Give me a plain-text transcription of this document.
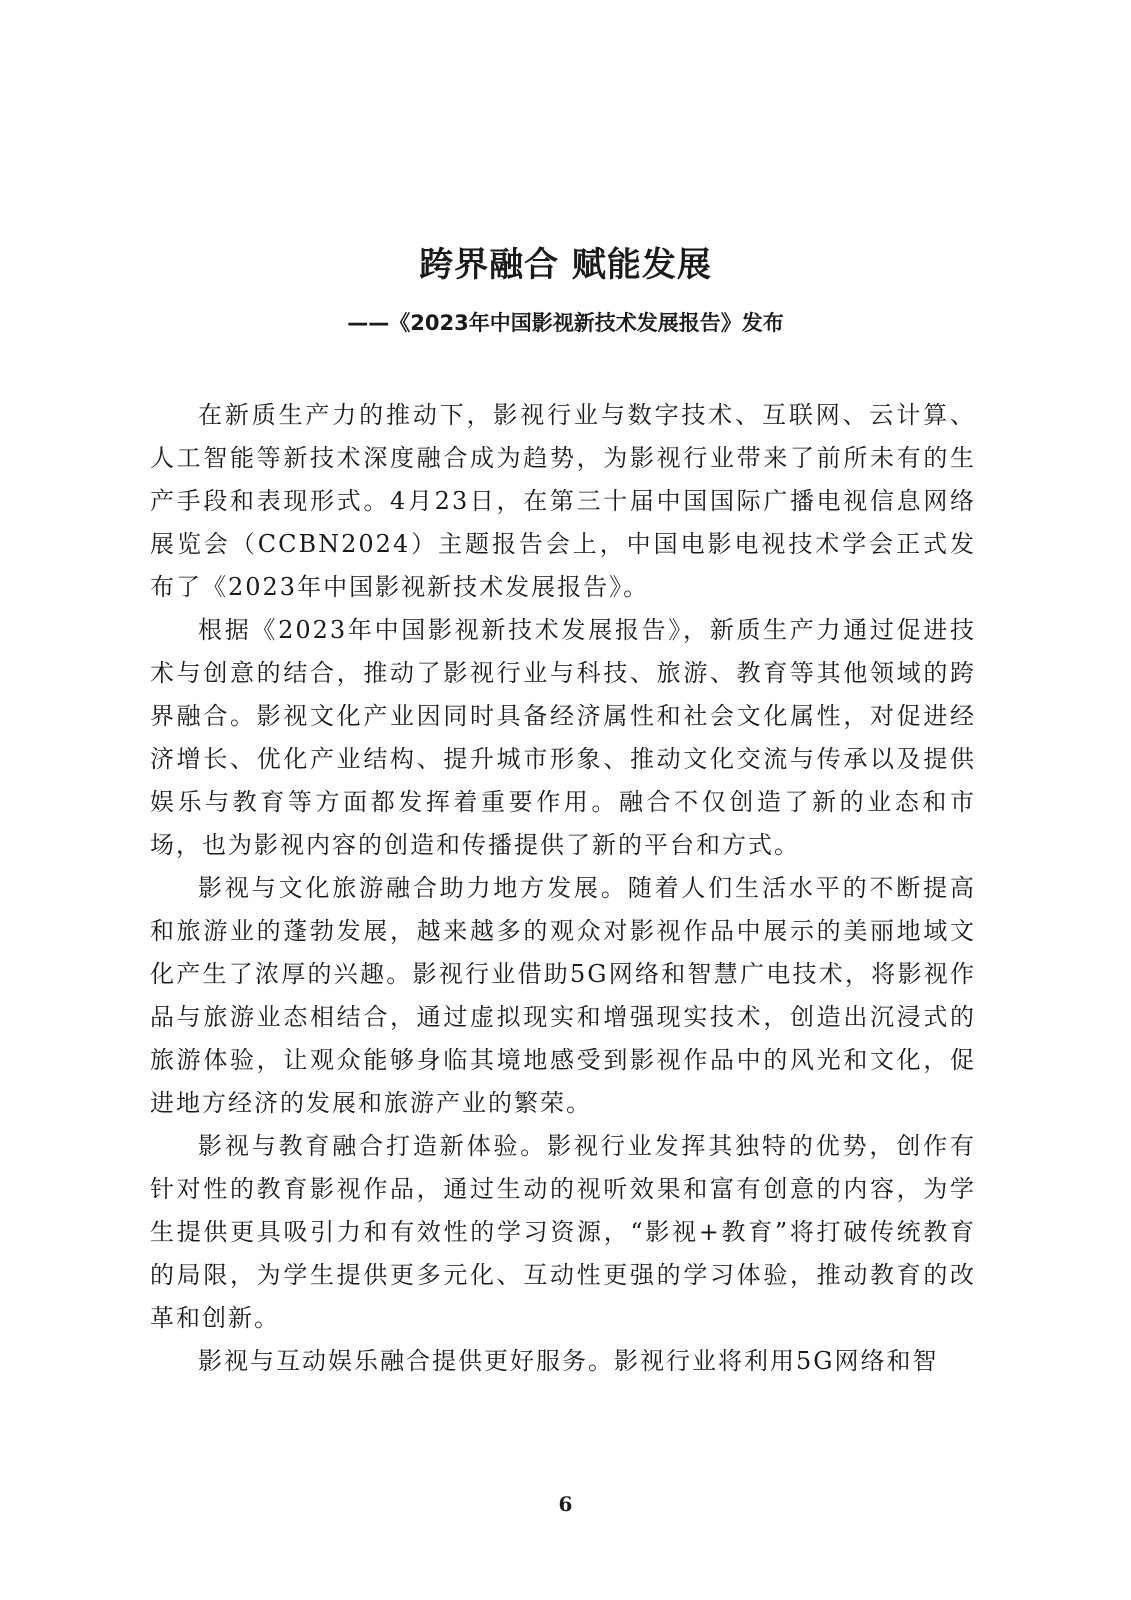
跨界融合 赋能发展
——《2023年中国影视新技术发展报告》发布

在新质生产力的推动下，影视行业与数字技术、互联网、云计算、人工智能等新技术深度融合成为趋势，为影视行业带来了前所未有的生产手段和表现形式。4月23日，在第三十届中国国际广播电视信息网络展览会（CCBN2024）主题报告会上，中国电影电视技术学会正式发布了《2023年中国影视新技术发展报告》。

根据《2023年中国影视新技术发展报告》，新质生产力通过促进技术与创意的结合，推动了影视行业与科技、旅游、教育等其他领域的跨界融合。影视文化产业因同时具备经济属性和社会文化属性，对促进经济增长、优化产业结构、提升城市形象、推动文化交流与传承以及提供娱乐与教育等方面都发挥着重要作用。融合不仅创造了新的业态和市场，也为影视内容的创造和传播提供了新的平台和方式。

影视与文化旅游融合助力地方发展。随着人们生活水平的不断提高和旅游业的蓬勃发展，越来越多的观众对影视作品中展示的美丽地域文化产生了浓厚的兴趣。影视行业借助5G网络和智慧广电技术，将影视作品与旅游业态相结合，通过虚拟现实和增强现实技术，创造出沉浸式的旅游体验，让观众能够身临其境地感受到影视作品中的风光和文化，促进地方经济的发展和旅游产业的繁荣。

影视与教育融合打造新体验。影视行业发挥其独特的优势，创作有针对性的教育影视作品，通过生动的视听效果和富有创意的内容，为学生提供更具吸引力和有效性的学习资源，“影视+教育”将打破传统教育的局限，为学生提供更多元化、互动性更强的学习体验，推动教育的改革和创新。

影视与互动娱乐融合提供更好服务。影视行业将利用5G网络和智

6
